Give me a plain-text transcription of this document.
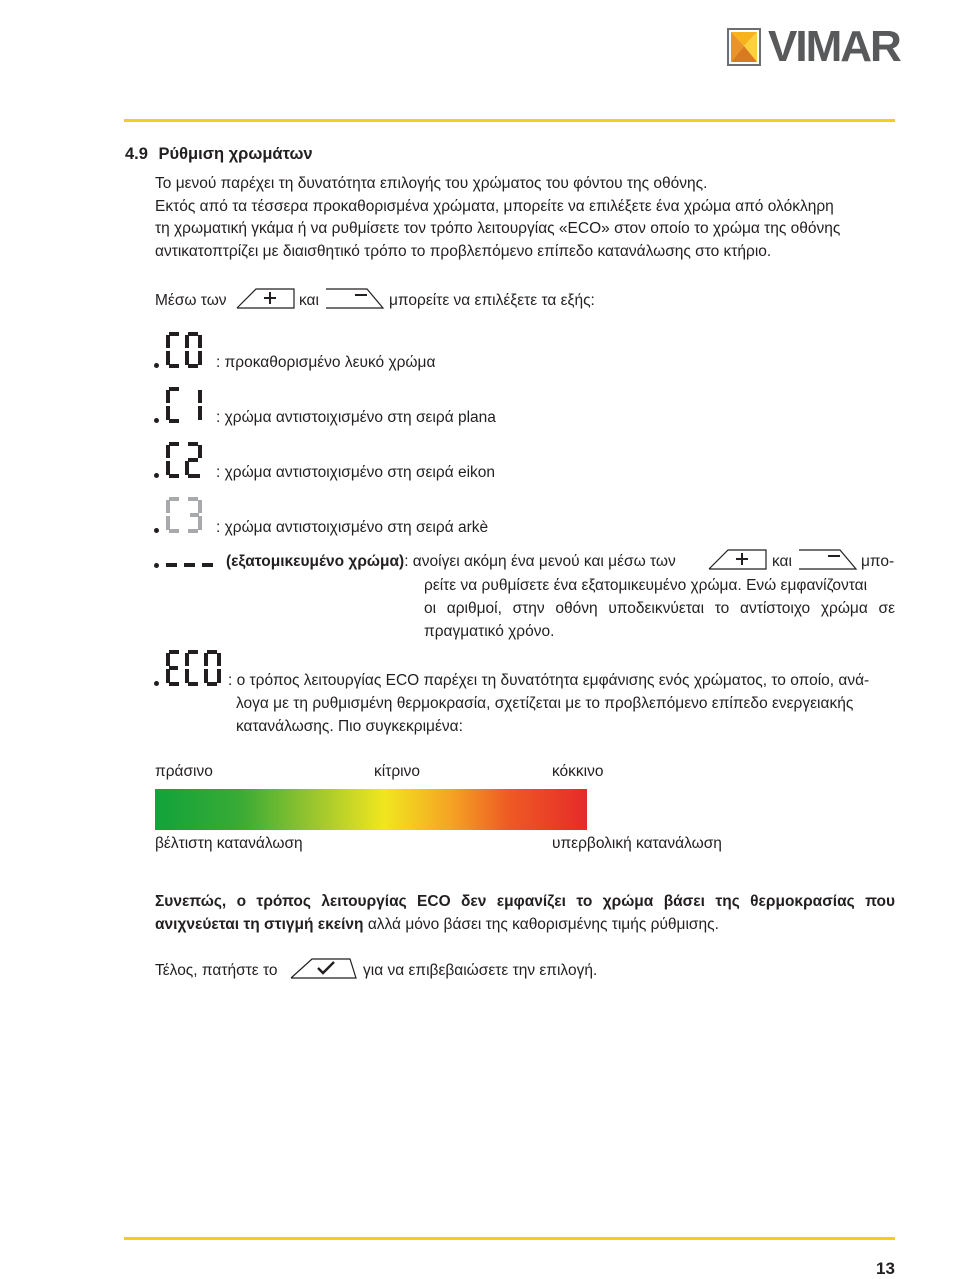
VIMAR
4.9 Ρύθμιση χρωμάτων
Το μενού παρέχει τη δυνατότητα επιλογής του χρώματος του φόντου της οθόνης.
Εκτός από τα τέσσερα προκαθορισμένα χρώματα, μπορείτε να επιλέξετε ένα χρώμα από ολόκληρη
τη χρωματική γκάμα ή να ρυθμίσετε τον τρόπο λειτουργίας «ECO» στον οποίο το χρώμα της οθόνης
αντικατοπτρίζει με διαισθητικό τρόπο το προβλεπόμενο επίπεδο κατανάλωσης στο κτήριο.
Μέσω των	και	μπορείτε να επιλέξετε τα εξής:
: προκαθορισμένο λευκό χρώμα
: χρώμα αντιστοιχισμένο στη σειρά plana
: χρώμα αντιστοιχισμένο στη σειρά eikon
: χρώμα αντιστοιχισμένο στη σειρά arkè
(εξατομικευμένο χρώμα): ανοίγει ακόμη ένα μενού και μέσω των	και	μπο-
ρείτε να ρυθμίσετε ένα εξατομικευμένο χρώμα. Ενώ εμφανίζονται
οι αριθμοί, στην οθόνη υποδεικνύεται το αντίστοιχο χρώμα σε
πραγματικό χρόνο.
: ο τρόπος λειτουργίας ECO παρέχει τη δυνατότητα εμφάνισης ενός χρώματος, το οποίο, ανά-
λογα με τη ρυθμισμένη θερμοκρασία, σχετίζεται με το προβλεπόμενο επίπεδο ενεργειακής
κατανάλωσης. Πιο συγκεκριμένα:
πράσινο	κίτρινο	κόκκινο
βέλτιστη κατανάλωση	υπερβολική κατανάλωση
Συνεπώς, ο τρόπος λειτουργίας ECO δεν εμφανίζει το χρώμα βάσει της θερμοκρασίας που
ανιχνεύεται τη στιγμή εκείνη αλλά μόνο βάσει της καθορισμένης τιμής ρύθμισης.
Τέλος, πατήστε το	για να επιβεβαιώσετε την επιλογή.
13
